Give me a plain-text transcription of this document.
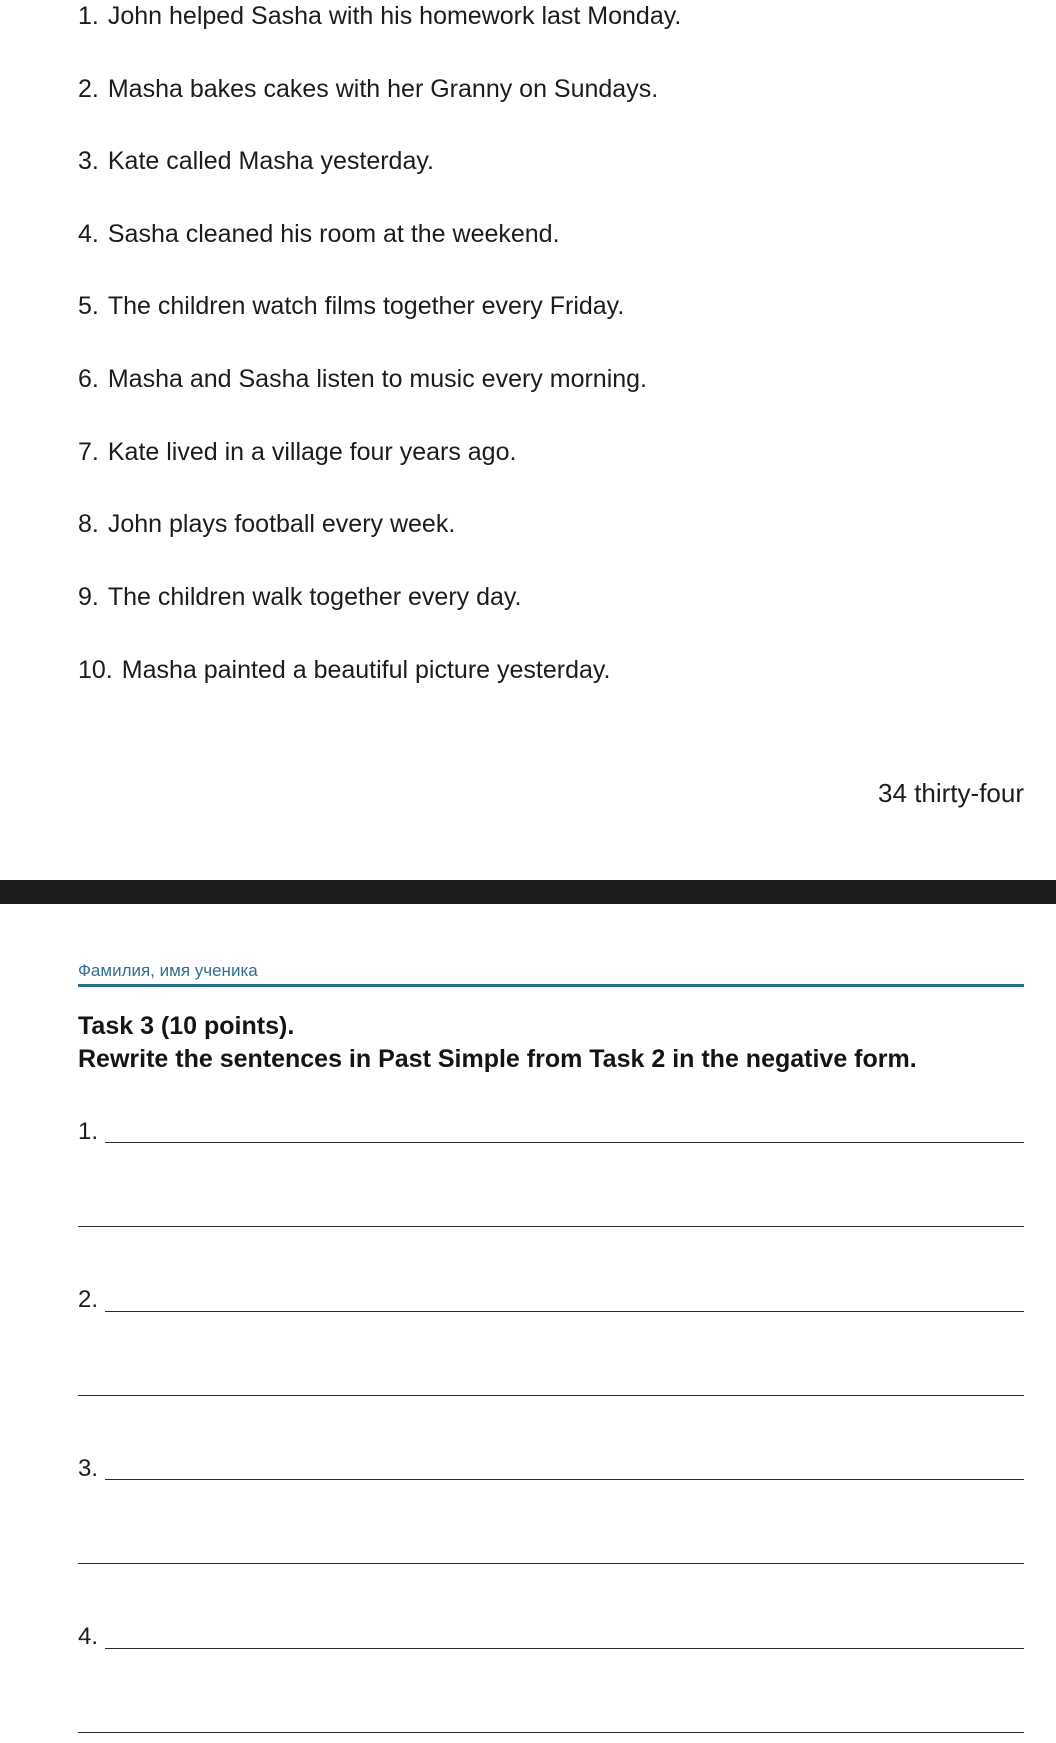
1. John helped Sasha with his homework last Monday.
2. Masha bakes cakes with her Granny on Sundays.
3. Kate called Masha yesterday.
4. Sasha cleaned his room at the weekend.
5. The children watch films together every Friday.
6. Masha and Sasha listen to music every morning.
7. Kate lived in a village four years ago.
8. John plays football every week.
9. The children walk together every day.
10. Masha painted a beautiful picture yesterday.
34 thirty-four
Фамилия, имя ученика
Task 3 (10 points).
Rewrite the sentences in Past Simple from Task 2 in the negative form.
1.
2.
3.
4.
